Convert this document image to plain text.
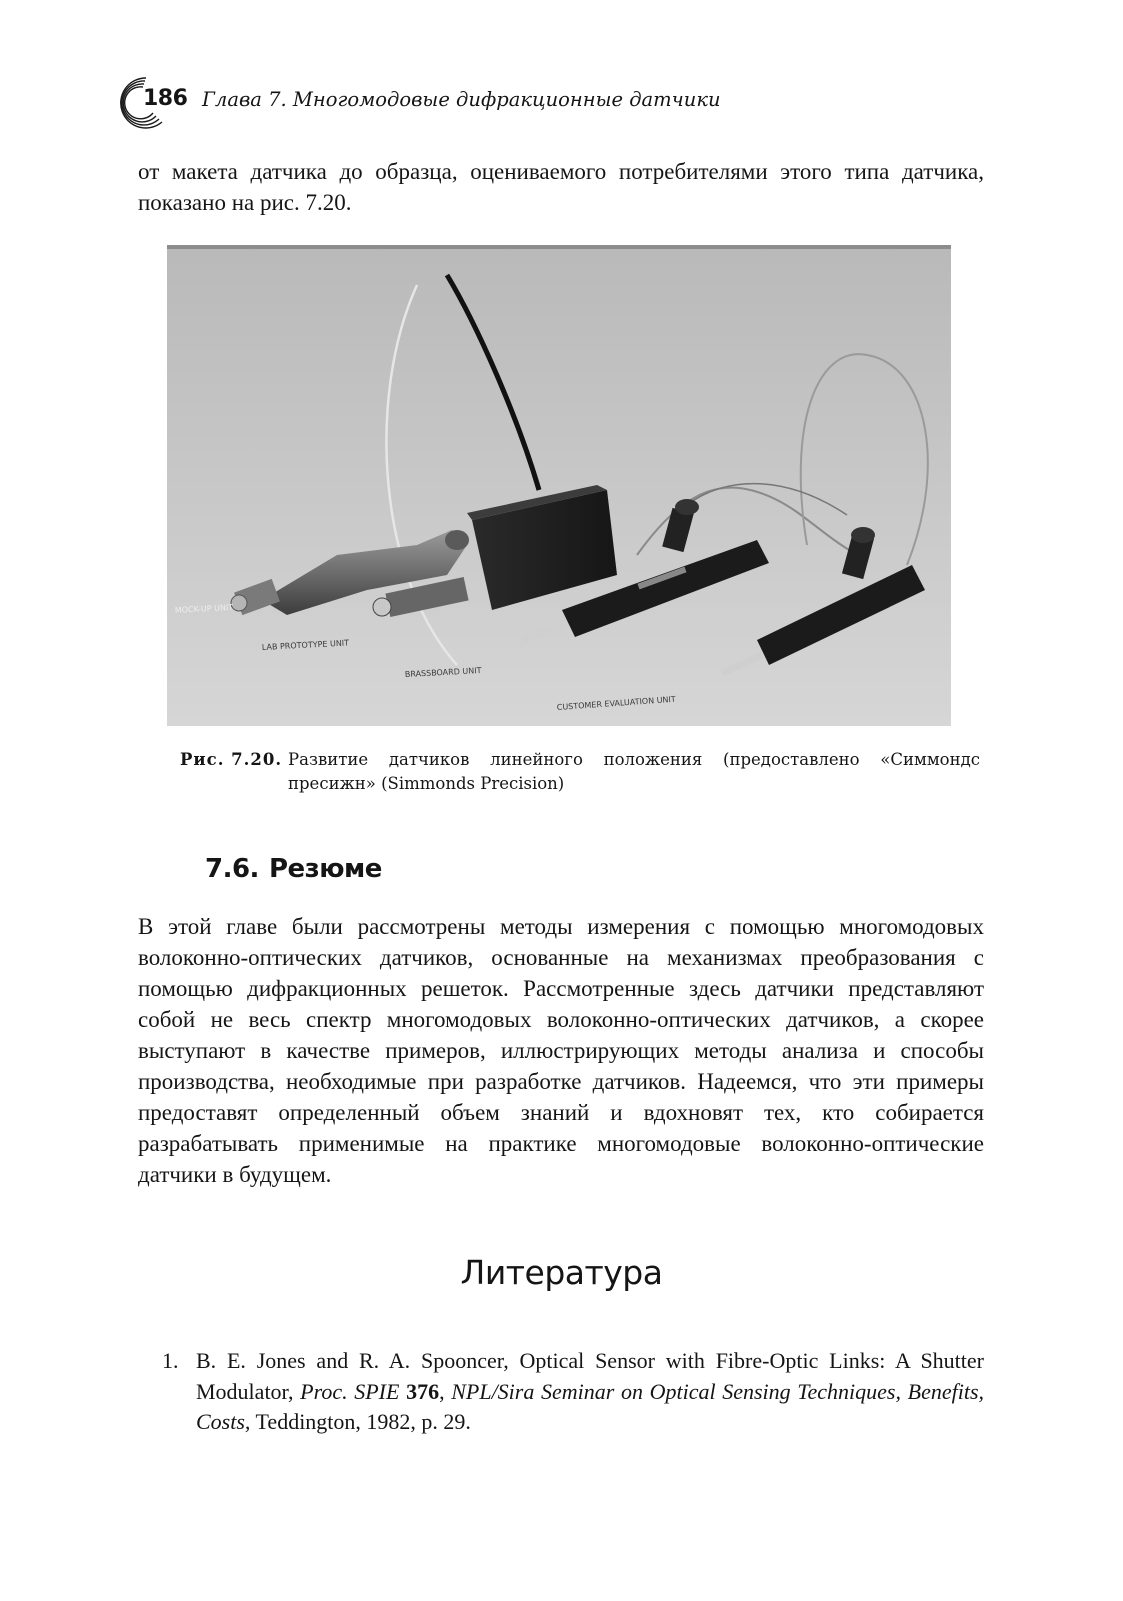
186 Глава 7. Многомодовые дифракционные датчики

от макета датчика до образца, оцениваемого потребителями этого типа датчика, показано на рис. 7.20.

MOCK-UP UNIT
LAB PROTOTYPE UNIT
BRASSBOARD UNIT
CUSTOMER EVALUATION UNIT
Рис. 7.20. Развитие датчиков линейного положения (предоставлено «Симмондс пресижн» (Simmonds Precision)
7.6. Резюме

В этой главе были рассмотрены методы измерения с помощью многомодовых волоконно-оптических датчиков, основанные на механизмах преобразования с помощью дифракционных решеток. Рассмотренные здесь датчики представляют собой не весь спектр многомодовых волоконно-оптических датчиков, а скорее выступают в качестве примеров, иллюстрирующих методы анализа и способы производства, необходимые при разработке датчиков. Надеемся, что эти примеры предоставят определенный объем знаний и вдохновят тех, кто собирается разрабатывать применимые на практике многомодовые волоконно-оптические датчики в будущем.

Литература
1. B. E. Jones and R. A. Spooncer, Optical Sensor with Fibre-Optic Links: A Shutter Modulator, Proc. SPIE 376, NPL/Sira Seminar on Optical Sensing Techniques, Benefits, Costs, Teddington, 1982, p. 29.
